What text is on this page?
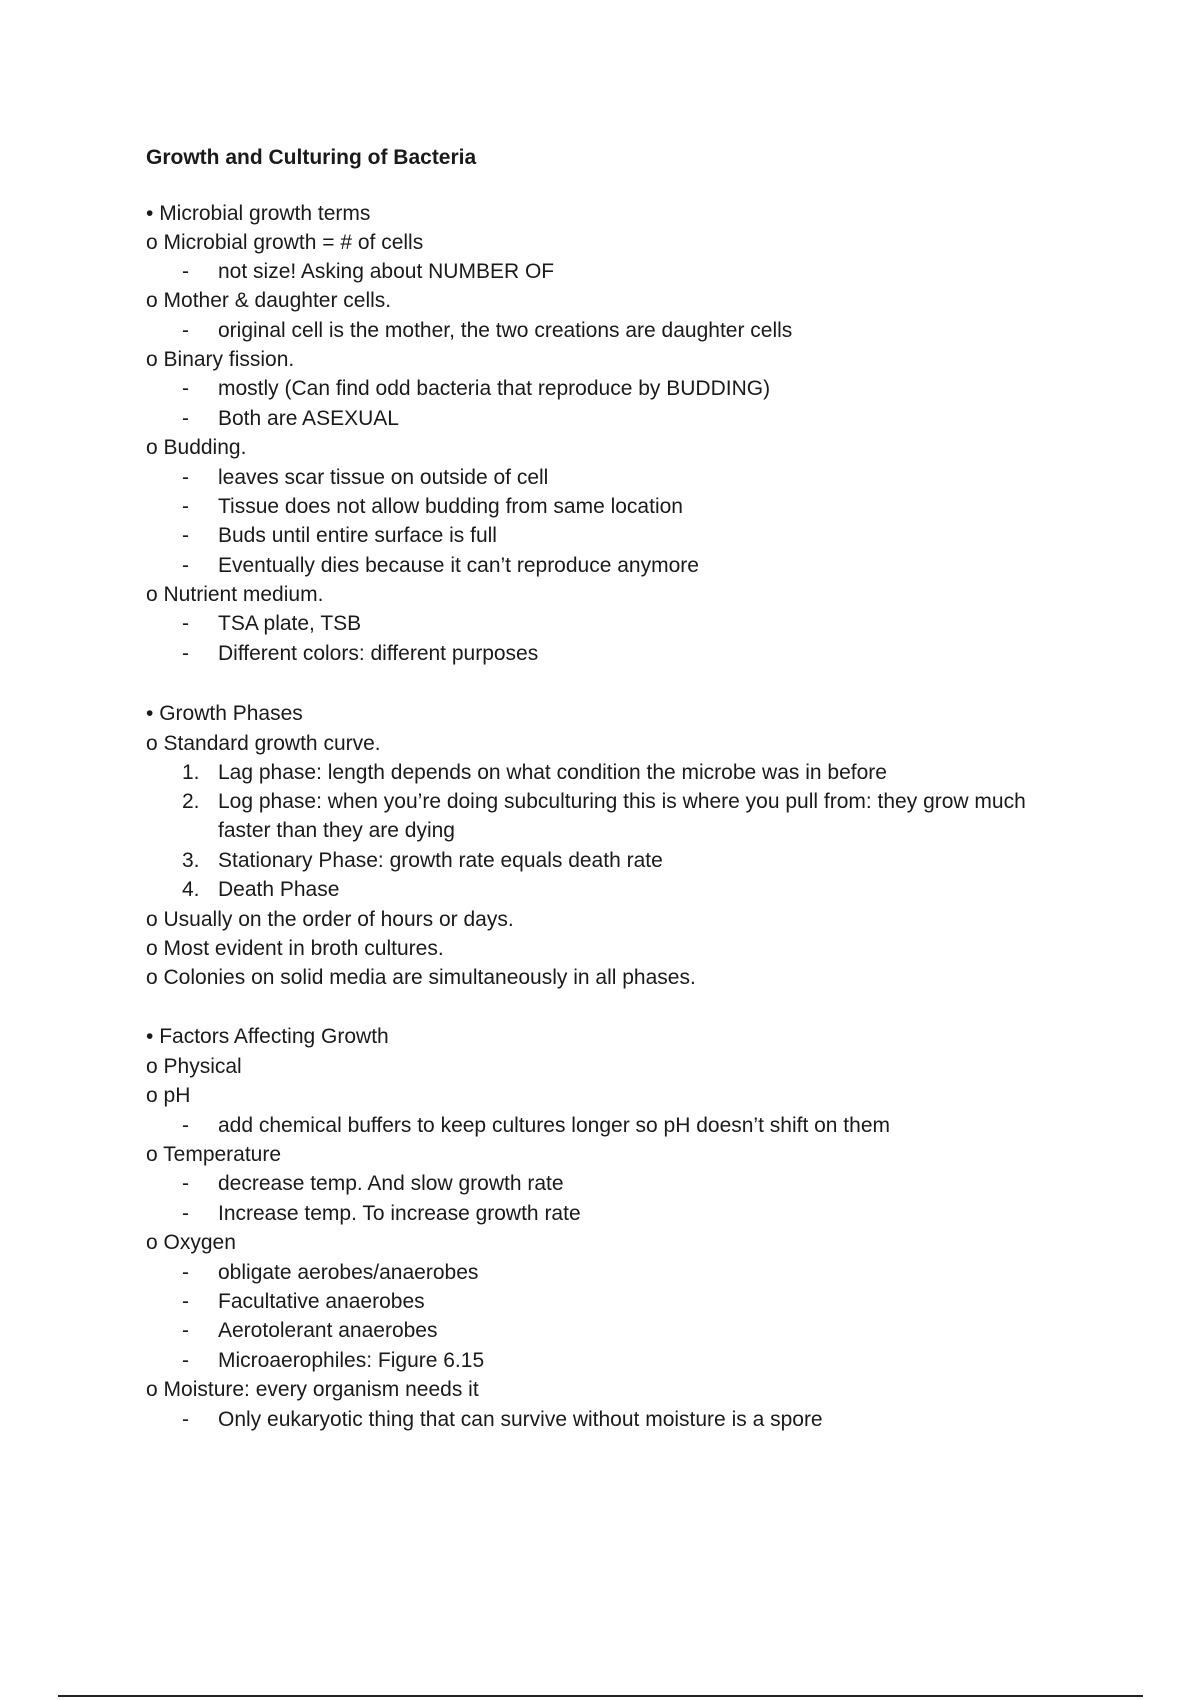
Growth and Culturing of Bacteria
• Microbial growth terms
o Microbial growth = # of cells
- not size! Asking about NUMBER OF
o Mother & daughter cells.
- original cell is the mother, the two creations are daughter cells
o Binary fission.
- mostly (Can find odd bacteria that reproduce by BUDDING)
- Both are ASEXUAL
o Budding.
- leaves scar tissue on outside of cell
- Tissue does not allow budding from same location
- Buds until entire surface is full
- Eventually dies because it can’t reproduce anymore
o Nutrient medium.
- TSA plate, TSB
- Different colors: different purposes
• Growth Phases
o Standard growth curve.
1. Lag phase: length depends on what condition the microbe was in before
2. Log phase: when you’re doing subculturing this is where you pull from: they grow much
faster than they are dying
3. Stationary Phase: growth rate equals death rate
4. Death Phase
o Usually on the order of hours or days.
o Most evident in broth cultures.
o Colonies on solid media are simultaneously in all phases.
• Factors Affecting Growth
o Physical
o pH
- add chemical buffers to keep cultures longer so pH doesn’t shift on them
o Temperature
- decrease temp. And slow growth rate
- Increase temp. To increase growth rate
o Oxygen
- obligate aerobes/anaerobes
- Facultative anaerobes
- Aerotolerant anaerobes
- Microaerophiles: Figure 6.15
o Moisture: every organism needs it
- Only eukaryotic thing that can survive without moisture is a spore
